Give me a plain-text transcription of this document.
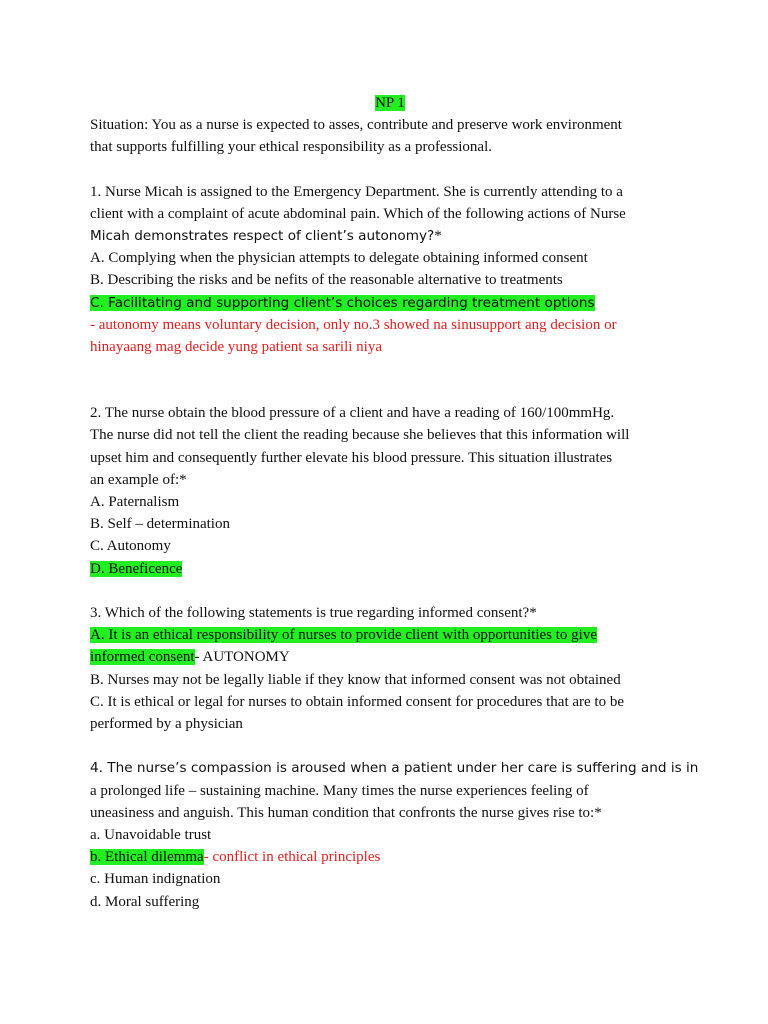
NP 1
Situation: You as a nurse is expected to asses, contribute and preserve work environment
that supports fulfilling your ethical responsibility as a professional.
1. Nurse Micah is assigned to the Emergency Department. She is currently attending to a
client with a complaint of acute abdominal pain. Which of the following actions of Nurse
Micah demonstrates respect of client’s autonomy?*
A. Complying when the physician attempts to delegate obtaining informed consent
B. Describing the risks and be nefits of the reasonable alternative to treatments
C. Facilitating and supporting client’s choices regarding treatment options
- autonomy means voluntary decision, only no.3 showed na sinusupport ang decision or
hinayaang mag decide yung patient sa sarili niya
2. The nurse obtain the blood pressure of a client and have a reading of 160/100mmHg.
The nurse did not tell the client the reading because she believes that this information will
upset him and consequently further elevate his blood pressure. This situation illustrates
an example of:*
A. Paternalism
B. Self – determination
C. Autonomy
D. Beneficence
3. Which of the following statements is true regarding informed consent?*
A. It is an ethical responsibility of nurses to provide client with opportunities to give
informed consent- AUTONOMY
B. Nurses may not be legally liable if they know that informed consent was not obtained
C. It is ethical or legal for nurses to obtain informed consent for procedures that are to be
performed by a physician
4. The nurse’s compassion is aroused when a patient under her care is suffering and is in
a prolonged life – sustaining machine. Many times the nurse experiences feeling of
uneasiness and anguish. This human condition that confronts the nurse gives rise to:*
a. Unavoidable trust
b. Ethical dilemma- conflict in ethical principles
c. Human indignation
d. Moral suffering
